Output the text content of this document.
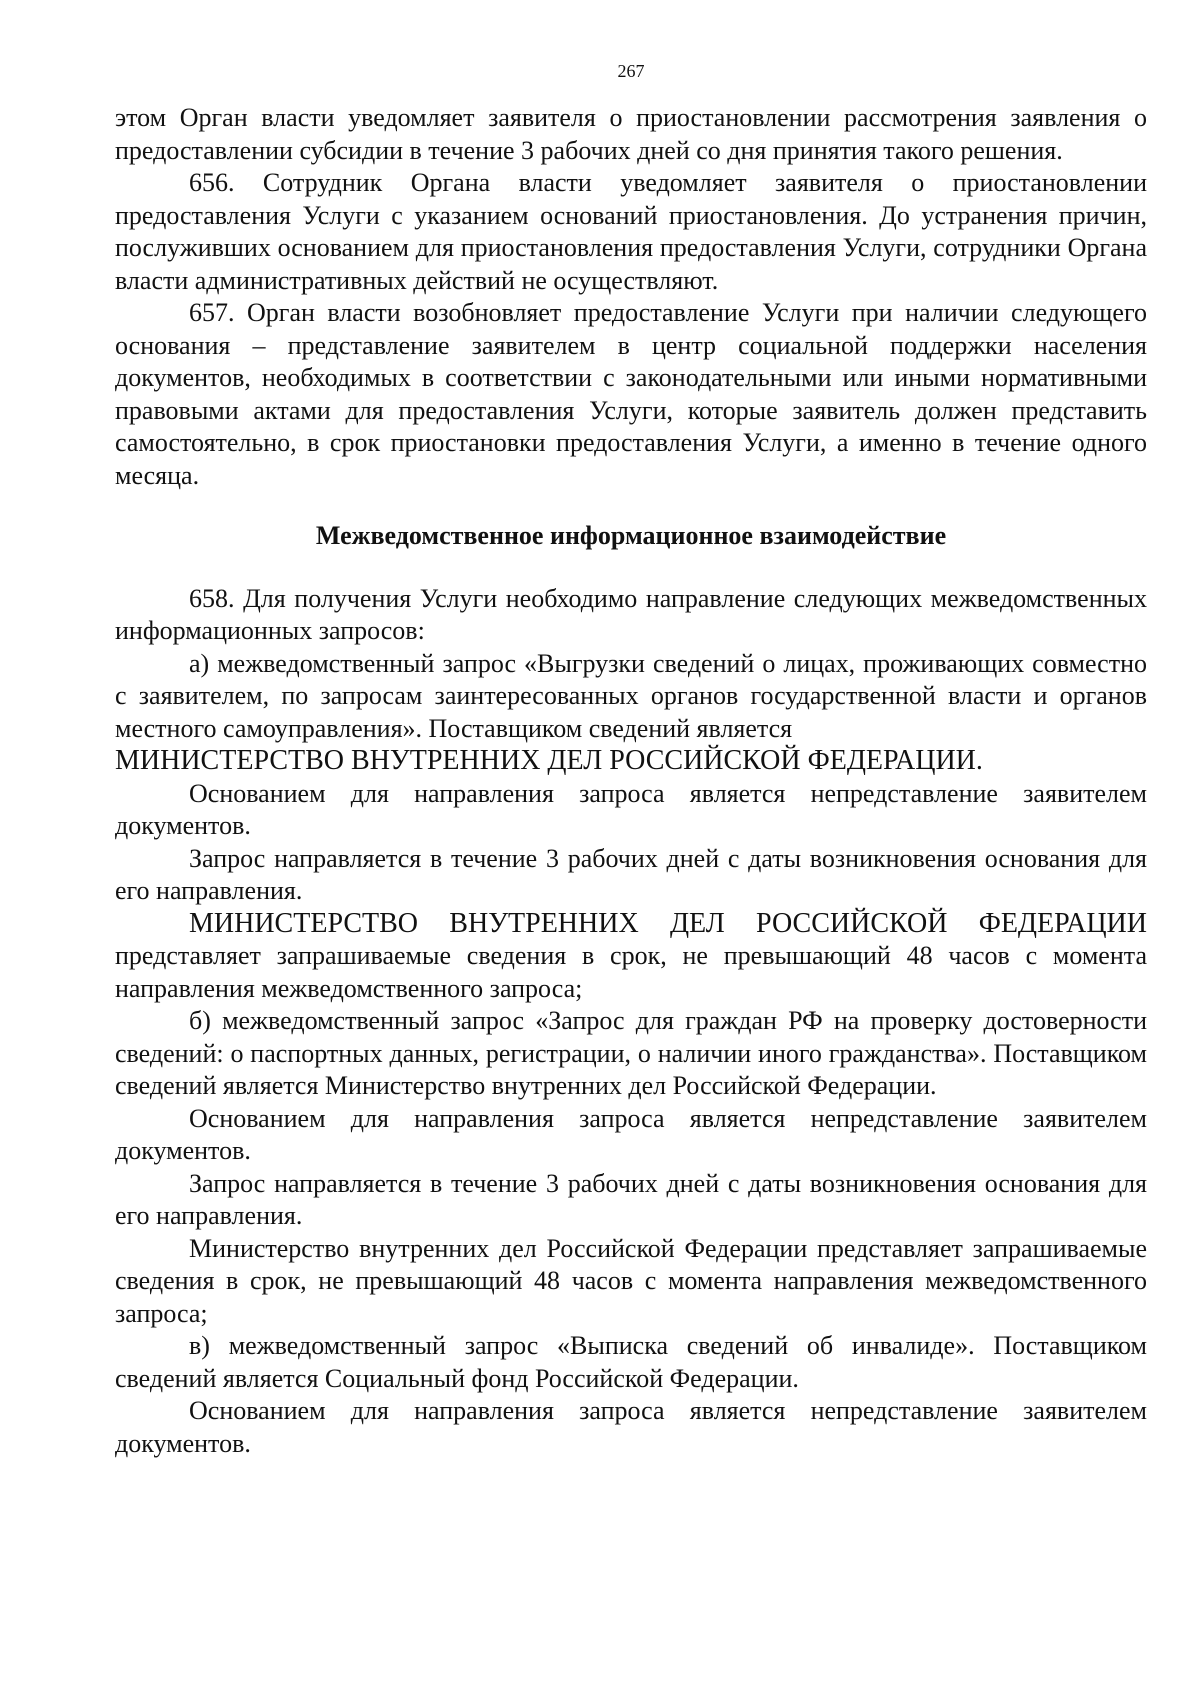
267

этом Орган власти уведомляет заявителя о приостановлении рассмотрения заявления о предоставлении субсидии в течение 3 рабочих дней со дня принятия такого решения.

656. Сотрудник Органа власти уведомляет заявителя о приостановлении предоставления Услуги с указанием оснований приостановления. До устранения причин, послуживших основанием для приостановления предоставления Услуги, сотрудники Органа власти административных действий не осуществляют.

657. Орган власти возобновляет предоставление Услуги при наличии следующего основания – представление заявителем в центр социальной поддержки населения документов, необходимых в соответствии с законодательными или иными нормативными правовыми актами для предоставления Услуги, которые заявитель должен представить самостоятельно, в срок приостановки предоставления Услуги, а именно в течение одного месяца.

Межведомственное информационное взаимодействие

658. Для получения Услуги необходимо направление следующих межведомственных информационных запросов:

а) межведомственный запрос «Выгрузки сведений о лицах, проживающих совместно с заявителем, по запросам заинтересованных органов государственной власти и органов местного самоуправления». Поставщиком сведений является
МИНИСТЕРСТВО ВНУТРЕННИХ ДЕЛ РОССИЙСКОЙ ФЕДЕРАЦИИ.

Основанием для направления запроса является непредставление заявителем документов.

Запрос направляется в течение 3 рабочих дней с даты возникновения основания для его направления.

МИНИСТЕРСТВО ВНУТРЕННИХ ДЕЛ РОССИЙСКОЙ ФЕДЕРАЦИИ представляет запрашиваемые сведения в срок, не превышающий 48 часов с момента направления межведомственного запроса;

б) межведомственный запрос «Запрос для граждан РФ на проверку достоверности сведений: о паспортных данных, регистрации, о наличии иного гражданства». Поставщиком сведений является Министерство внутренних дел Российской Федерации.

Основанием для направления запроса является непредставление заявителем документов.

Запрос направляется в течение 3 рабочих дней с даты возникновения основания для его направления.

Министерство внутренних дел Российской Федерации представляет запрашиваемые сведения в срок, не превышающий 48 часов с момента направления межведомственного запроса;

в) межведомственный запрос «Выписка сведений об инвалиде». Поставщиком сведений является Социальный фонд Российской Федерации.

Основанием для направления запроса является непредставление заявителем документов.
